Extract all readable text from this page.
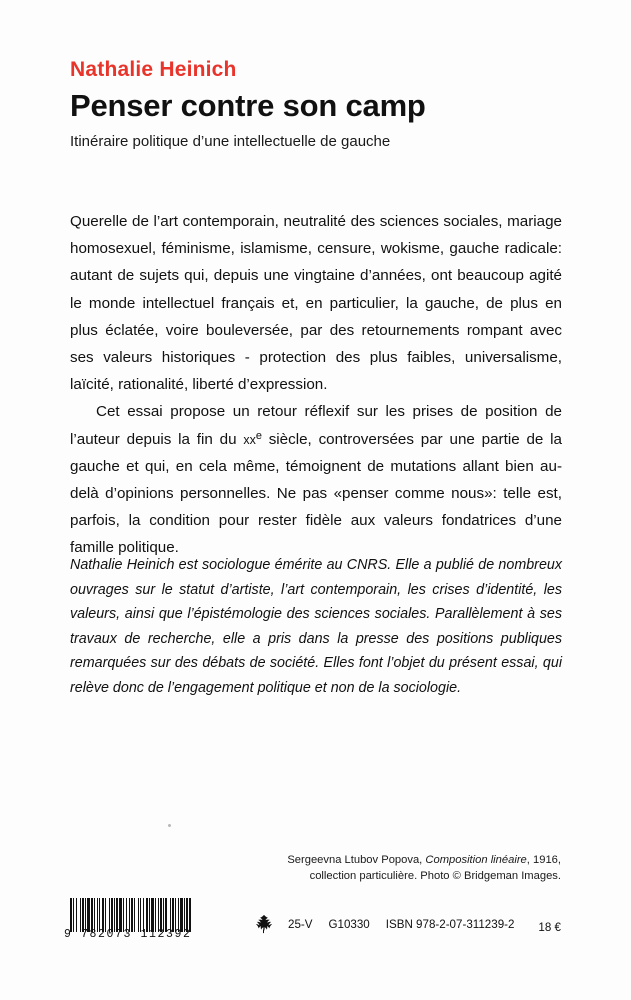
Nathalie Heinich
Penser contre son camp
Itinéraire politique d’une intellectuelle de gauche

Querelle de l’art contemporain, neutralité des sciences sociales, mariage homosexuel, féminisme, islamisme, censure, wokisme, gauche radicale: autant de sujets qui, depuis une vingtaine d’années, ont beaucoup agité le monde intellectuel français et, en particulier, la gauche, de plus en plus éclatée, voire bouleversée, par des retournements rompant avec ses valeurs historiques - protection des plus faibles, universalisme, laïcité, rationalité, liberté d’expression.

Cet essai propose un retour réflexif sur les prises de position de l’auteur depuis la fin du $xx^e$ siècle, controversées par une partie de la gauche et qui, en cela même, témoignent de mutations allant bien au-delà d’opinions personnelles. Ne pas «penser comme nous»: telle est, parfois, la condition pour rester fidèle aux valeurs fondatrices d’une famille politique.

Nathalie Heinich est sociologue émérite au CNRS. Elle a publié de nombreux ouvrages sur le statut d’artiste, l’art contemporain, les crises d’identité, les valeurs, ainsi que l’épistémologie des sciences sociales. Parallèlement à ses travaux de recherche, elle a pris dans la presse des positions publiques remarquées sur des débats de société. Elles font l’objet du présent essai, qui relève donc de l’engagement politique et non de la sociologie.

Sergeevna Ltubov Popova, Composition linéaire, 1916,
collection particulière. Photo © Bridgeman Images.
9 782073 112392
25-V G10330 ISBN 978-2-07-311239-2 18 €
